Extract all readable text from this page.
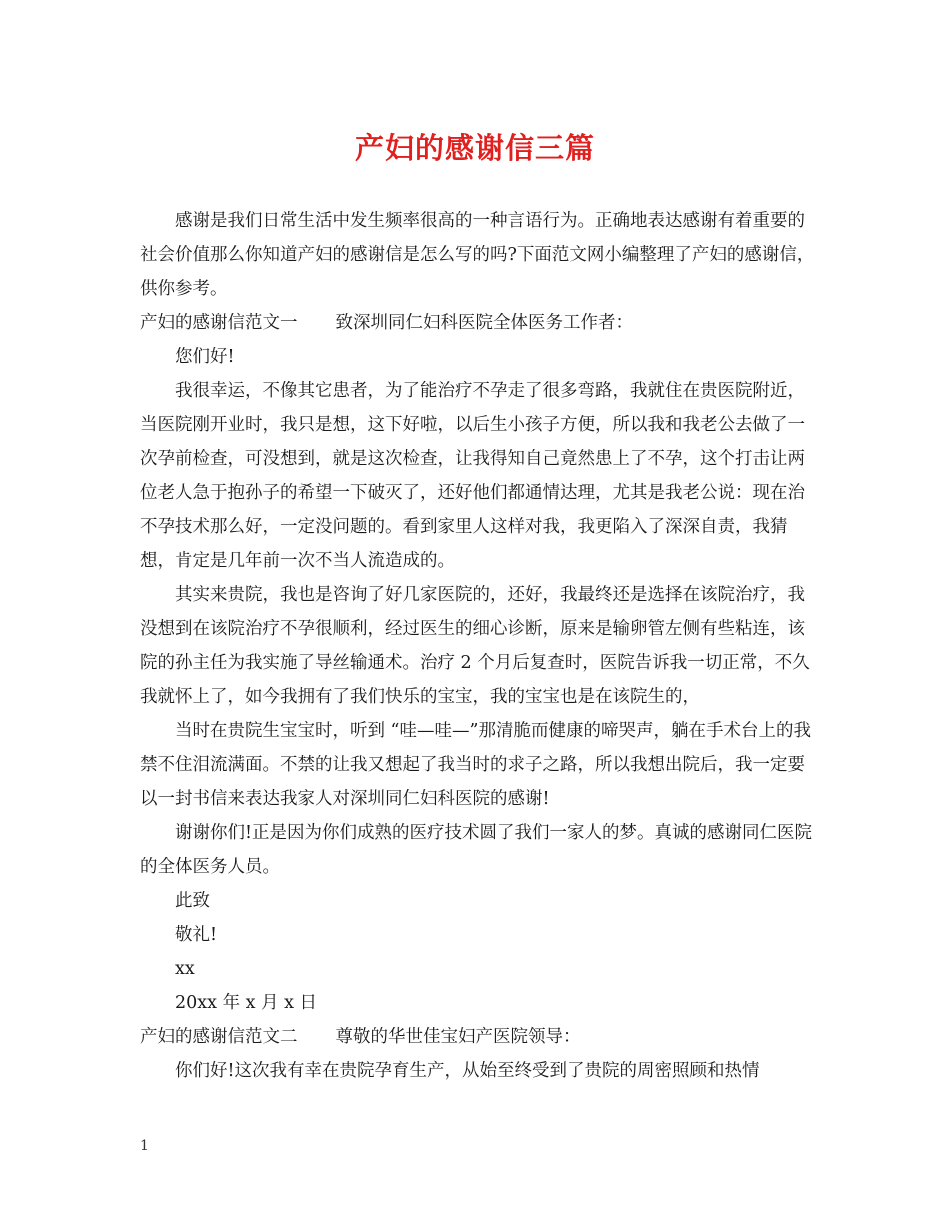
产妇的感谢信三篇

感谢是我们日常生活中发生频率很高的一种言语行为。正确地表达感谢有着重要的社会价值那么你知道产妇的感谢信是怎么写的吗?下面范文网小编整理了产妇的感谢信，供你参考。

产妇的感谢信范文一 致深圳同仁妇科医院全体医务工作者：

您们好!

我很幸运，不像其它患者，为了能治疗不孕走了很多弯路，我就住在贵医院附近，当医院刚开业时，我只是想，这下好啦，以后生小孩子方便，所以我和我老公去做了一次孕前检查，可没想到，就是这次检查，让我得知自己竟然患上了不孕，这个打击让两位老人急于抱孙子的希望一下破灭了，还好他们都通情达理，尤其是我老公说：现在治不孕技术那么好，一定没问题的。看到家里人这样对我，我更陷入了深深自责，我猜想，肯定是几年前一次不当人流造成的。

其实来贵院，我也是咨询了好几家医院的，还好，我最终还是选择在该院治疗，我没想到在该院治疗不孕很顺利，经过医生的细心诊断，原来是输卵管左侧有些粘连，该院的孙主任为我实施了导丝输通术。治疗 2 个月后复查时，医院告诉我一切正常，不久我就怀上了，如今我拥有了我们快乐的宝宝，我的宝宝也是在该院生的，

当时在贵院生宝宝时，听到 “哇—哇—”那清脆而健康的啼哭声，躺在手术台上的我禁不住泪流满面。不禁的让我又想起了我当时的求子之路，所以我想出院后，我一定要以一封书信来表达我家人对深圳同仁妇科医院的感谢!

谢谢你们!正是因为你们成熟的医疗技术圆了我们一家人的梦。真诚的感谢同仁医院的全体医务人员。

此致

敬礼!

xx

20xx 年 x 月 x 日

产妇的感谢信范文二 尊敬的华世佳宝妇产医院领导：

你们好!这次我有幸在贵院孕育生产，从始至终受到了贵院的周密照顾和热情

1
